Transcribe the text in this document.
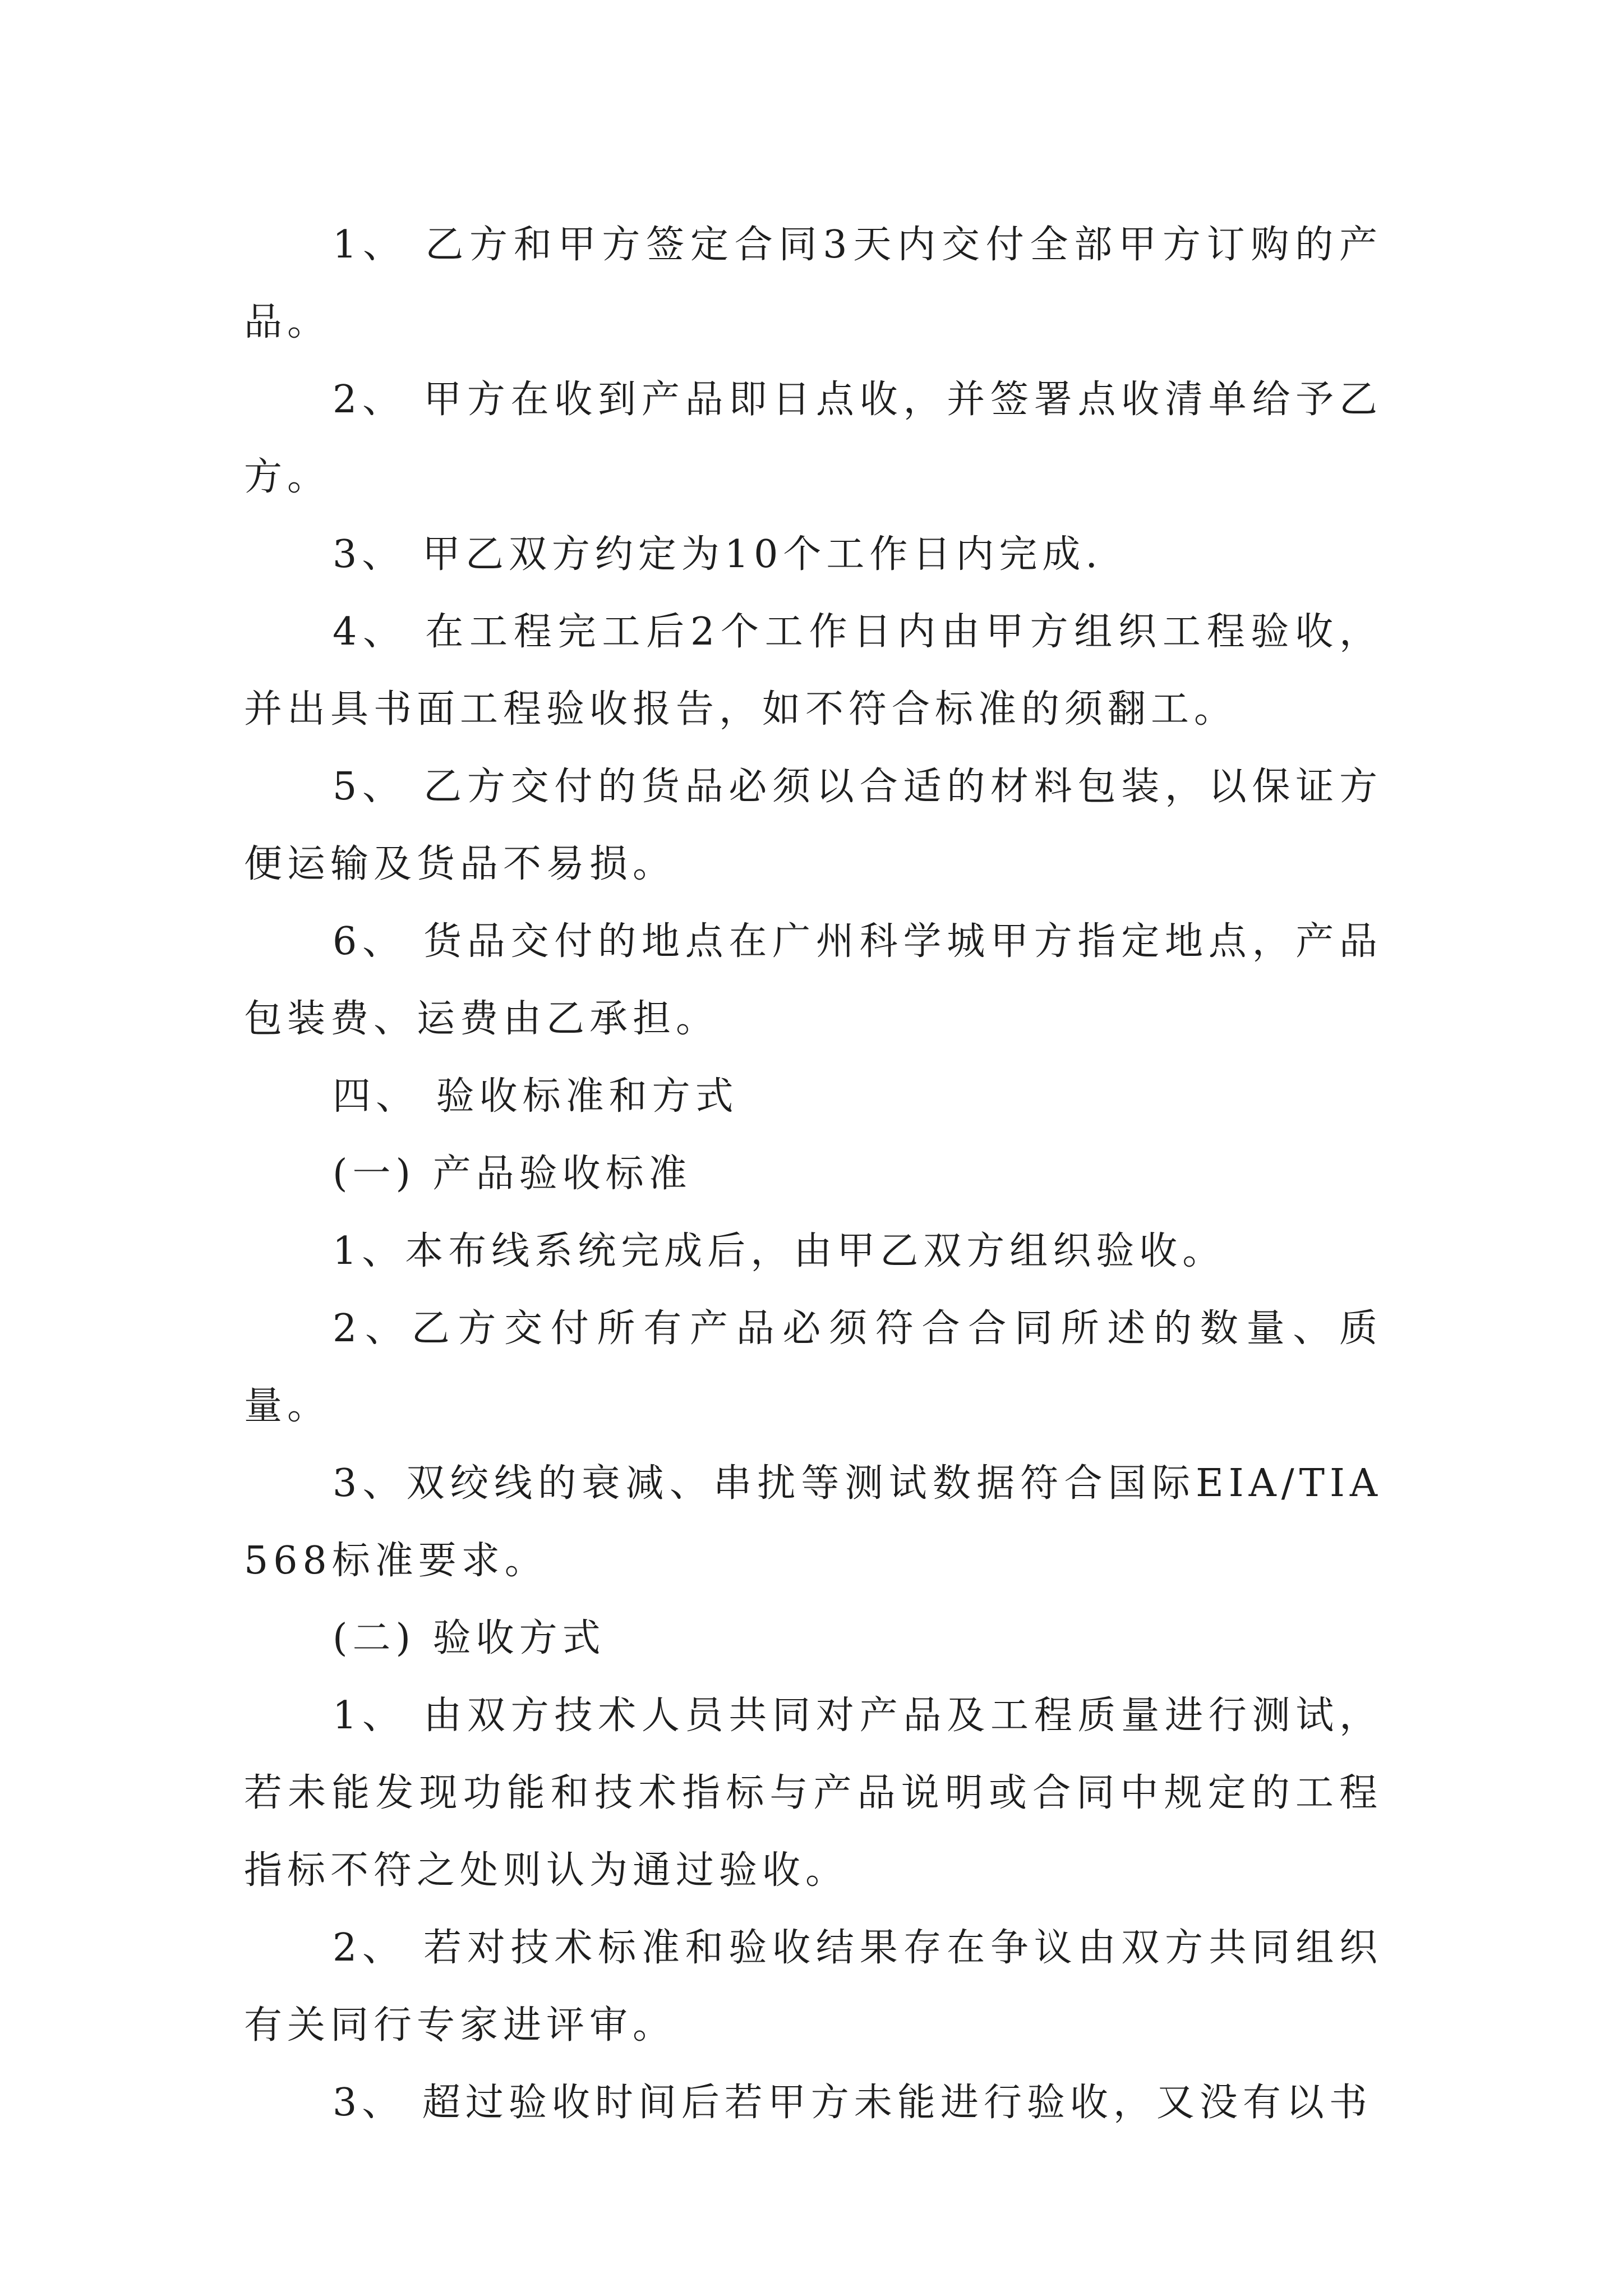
1、 乙方和甲方签定合同3天内交付全部甲方订购的产品。

2、 甲方在收到产品即日点收，并签署点收清单给予乙方。

3、 甲乙双方约定为10个工作日内完成.

4、 在工程完工后2个工作日内由甲方组织工程验收，并出具书面工程验收报告，如不符合标准的须翻工。

5、 乙方交付的货品必须以合适的材料包装，以保证方便运输及货品不易损。

6、 货品交付的地点在广州科学城甲方指定地点，产品包装费、运费由乙承担。

四、 验收标准和方式

(一) 产品验收标准

1、本布线系统完成后，由甲乙双方组织验收。

2、乙方交付所有产品必须符合合同所述的数量、质量。

3、双绞线的衰减、串扰等测试数据符合国际EIA/TIA 568标准要求。

(二) 验收方式

1、 由双方技术人员共同对产品及工程质量进行测试，若未能发现功能和技术指标与产品说明或合同中规定的工程指标不符之处则认为通过验收。

2、 若对技术标准和验收结果存在争议由双方共同组织有关同行专家进评审。

3、 超过验收时间后若甲方未能进行验收，又没有以书
